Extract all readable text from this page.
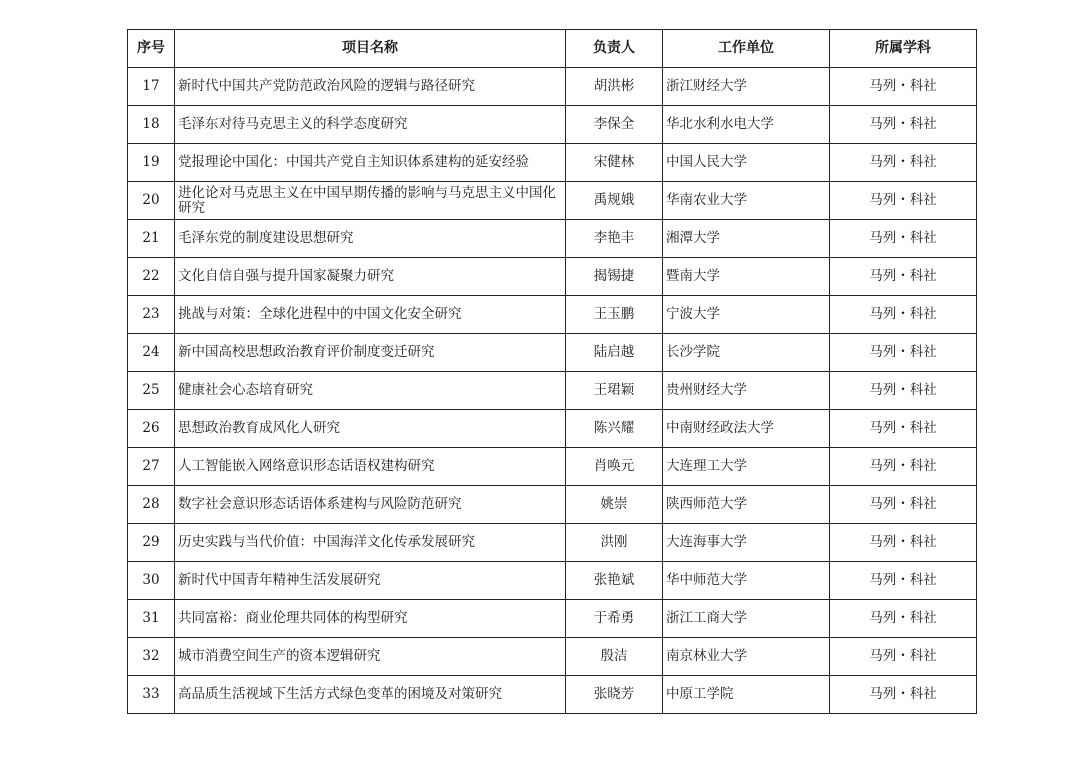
序号	项目名称	负责人	工作单位	所属学科
17	新时代中国共产党防范政治风险的逻辑与路径研究	胡洪彬	浙江财经大学	马列・科社
18	毛泽东对待马克思主义的科学态度研究	李保全	华北水利水电大学	马列・科社
19	党报理论中国化：中国共产党自主知识体系建构的延安经验	宋健林	中国人民大学	马列・科社
20	进化论对马克思主义在中国早期传播的影响与马克思主义中国化研究	禹规娥	华南农业大学	马列・科社
21	毛泽东党的制度建设思想研究	李艳丰	湘潭大学	马列・科社
22	文化自信自强与提升国家凝聚力研究	揭锡捷	暨南大学	马列・科社
23	挑战与对策：全球化进程中的中国文化安全研究	王玉鹏	宁波大学	马列・科社
24	新中国高校思想政治教育评价制度变迁研究	陆启越	长沙学院	马列・科社
25	健康社会心态培育研究	王珺颖	贵州财经大学	马列・科社
26	思想政治教育成风化人研究	陈兴耀	中南财经政法大学	马列・科社
27	人工智能嵌入网络意识形态话语权建构研究	肖唤元	大连理工大学	马列・科社
28	数字社会意识形态话语体系建构与风险防范研究	姚崇	陕西师范大学	马列・科社
29	历史实践与当代价值：中国海洋文化传承发展研究	洪刚	大连海事大学	马列・科社
30	新时代中国青年精神生活发展研究	张艳斌	华中师范大学	马列・科社
31	共同富裕：商业伦理共同体的构型研究	于希勇	浙江工商大学	马列・科社
32	城市消费空间生产的资本逻辑研究	殷洁	南京林业大学	马列・科社
33	高品质生活视域下生活方式绿色变革的困境及对策研究	张晓芳	中原工学院	马列・科社
